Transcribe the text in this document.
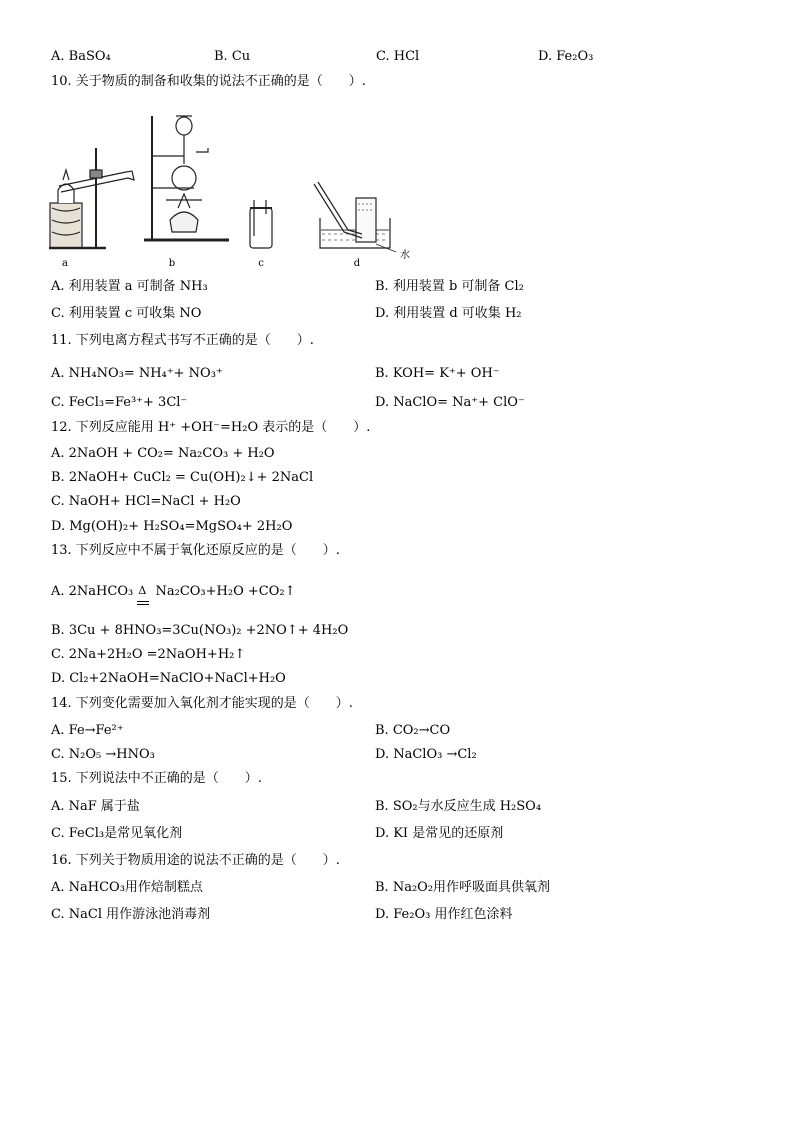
A. BaSO₄	B. Cu	C. HCl	D. Fe₂O₃
10. 关于物质的制备和收集的说法不正确的是（　　）.
a	b	c	d
水
A. 利用装置 a 可制备 NH₃	B. 利用装置 b 可制备 Cl₂
C. 利用装置 c 可收集 NO	D. 利用装置 d 可收集 H₂
11. 下列电离方程式书写不正确的是（　　）.
A. NH₄NO₃= NH₄⁺+ NO₃⁺	B. KOH= K⁺+ OH⁻
C. FeCl₃=Fe³⁺+ 3Cl⁻	D. NaClO= Na⁺+ ClO⁻
12. 下列反应能用 H⁺ +OH⁻=H₂O 表示的是（　　）.
A. 2NaOH + CO₂= Na₂CO₃ + H₂O
B. 2NaOH+ CuCl₂ = Cu(OH)₂↓+ 2NaCl
C. NaOH+ HCl=NaCl + H₂O
D. Mg(OH)₂+ H₂SO₄=MgSO₄+ 2H₂O
13. 下列反应中不属于氧化还原反应的是（　　）.
A. 2NaHCO₃ Δ Na₂CO₃+H₂O +CO₂↑
B. 3Cu + 8HNO₃=3Cu(NO₃)₂ +2NO↑+ 4H₂O
C. 2Na+2H₂O =2NaOH+H₂↑
D. Cl₂+2NaOH=NaClO+NaCl+H₂O
14. 下列变化需要加入氧化剂才能实现的是（　　）.
A. Fe→Fe²⁺	B. CO₂→CO
C. N₂O₅ →HNO₃	D. NaClO₃ →Cl₂
15. 下列说法中不正确的是（　　）.
A. NaF 属于盐	B. SO₂与水反应生成 H₂SO₄
C. FeCl₃是常见氧化剂	D. KI 是常见的还原剂
16. 下列关于物质用途的说法不正确的是（　　）.
A. NaHCO₃用作焙制糕点	B. Na₂O₂用作呼吸面具供氧剂
C. NaCl 用作游泳池消毒剂	D. Fe₂O₃ 用作红色涂料
